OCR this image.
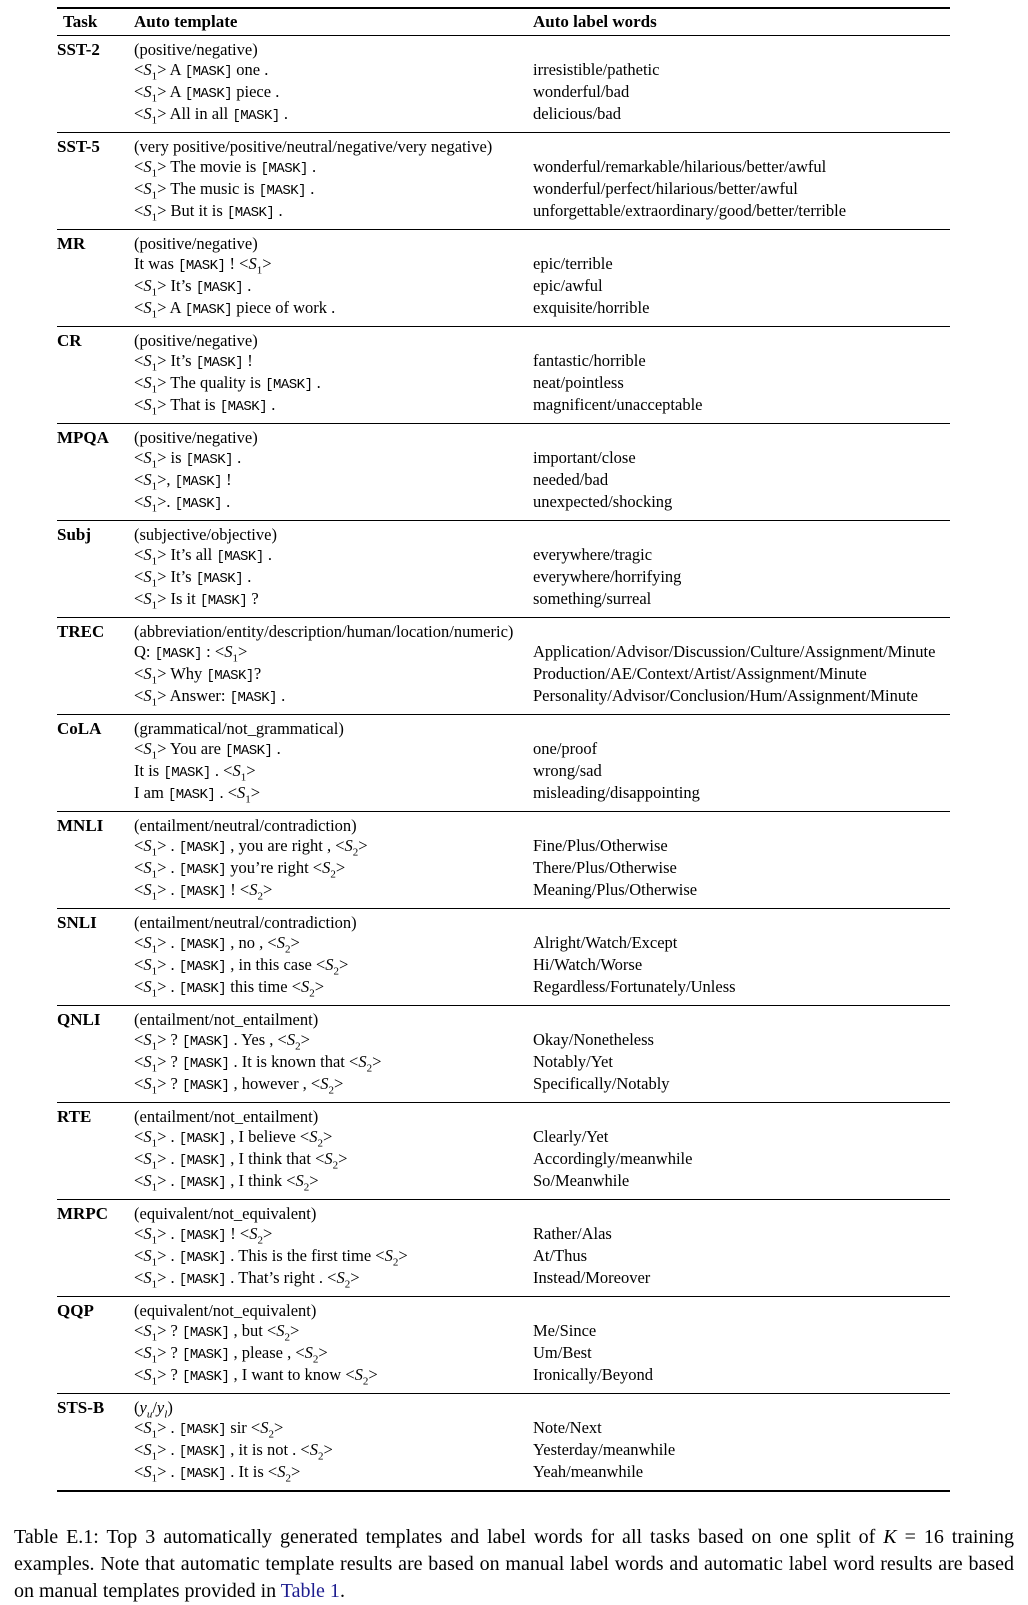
Task	Auto template	Auto label words
SST-2	(positive/negative)	
	$<S_1> A$ [MASK] one .	irresistible/pathetic
	$<S_1> A$ [MASK] piece .	wonderful/bad
	$<S_1>$ All in all [MASK] .	delicious/bad
SST-5	(very positive/positive/neutral/negative/very negative)	
	$<S_1>$ The movie is [MASK] .	wonderful/remarkable/hilarious/better/awful
	$<S_1>$ The music is [MASK] .	wonderful/perfect/hilarious/better/awful
	$<S_1>$ But it is [MASK] .	unforgettable/extraordinary/good/better/terrible
MR	(positive/negative)	
	It was [MASK] ! $<S_1>$	epic/terrible
	$<S_1>$ It’s [MASK] .	epic/awful
	$<S_1> A$ [MASK] piece of work .	exquisite/horrible
CR	(positive/negative)	
	$<S_1>$ It’s [MASK] !	fantastic/horrible
	$<S_1>$ The quality is [MASK] .	neat/pointless
	$<S_1>$ That is [MASK] .	magnificent/unacceptable
MPQA	(positive/negative)	
	$<S_1>$ is [MASK] .	important/close
	$<S_1>$, [MASK] !	needed/bad
	$<S_1>$. [MASK] .	unexpected/shocking
Subj	(subjective/objective)	
	$<S_1>$ It’s all [MASK] .	everywhere/tragic
	$<S_1>$ It’s [MASK] .	everywhere/horrifying
	$<S_1> Is$ it [MASK] ?	something/surreal
TREC	(abbreviation/entity/description/human/location/numeric)	
	Q: [MASK] : $<S_1>$	Application/Advisor/Discussion/Culture/Assignment/Minute
	$<S_1>$ Why [MASK]?	Production/AE/Context/Artist/Assignment/Minute
	$<S_1>$ Answer: [MASK] .	Personality/Advisor/Conclusion/Hum/Assignment/Minute
CoLA	(grammatical/not_grammatical)	
	$<S_1>$ You are [MASK] .	one/proof
	It is [MASK] . $<S_1>$	wrong/sad
	I am [MASK] . $<S_1>$	misleading/disappointing
MNLI	(entailment/neutral/contradiction)	
	$<S_1>$ . [MASK] , you are right , $<S_2>$	Fine/Plus/Otherwise
	$<S_1>$ . [MASK] you’re right $<S_2>$	There/Plus/Otherwise
	$<S_1>$ . [MASK] ! $<S_2>$	Meaning/Plus/Otherwise
SNLI	(entailment/neutral/contradiction)	
	$<S_1>$ . [MASK] , no , $<S_2>$	Alright/Watch/Except
	$<S_1>$ . [MASK] , in this case $<S_2>$	Hi/Watch/Worse
	$<S_1>$ . [MASK] this time $<S_2>$	Regardless/Fortunately/Unless
QNLI	(entailment/not_entailment)	
	$<S_1>$ ? [MASK] . Yes , $<S_2>$	Okay/Nonetheless
	$<S_1>$ ? [MASK] . It is known that $<S_2>$	Notably/Yet
	$<S_1>$ ? [MASK] , however , $<S_2>$	Specifically/Notably
RTE	(entailment/not_entailment)	
	$<S_1>$ . [MASK] , I believe $<S_2>$	Clearly/Yet
	$<S_1>$ . [MASK] , I think that $<S_2>$	Accordingly/meanwhile
	$<S_1>$ . [MASK] , I think $<S_2>$	So/Meanwhile
MRPC	(equivalent/not_equivalent)	
	$<S_1>$ . [MASK] ! $<S_2>$	Rather/Alas
	$<S_1>$ . [MASK] . This is the first time $<S_2>$	At/Thus
	$<S_1>$ . [MASK] . That’s right . $<S_2>$	Instead/Moreover
QQP	(equivalent/not_equivalent)	
	$<S_1>$ ? [MASK] , but $<S_2>$	Me/Since
	$<S_1>$ ? [MASK] , please , $<S_2>$	Um/Best
	$<S_1>$ ? [MASK] , I want to know $<S_2>$	Ironically/Beyond
STS-B	$(y_u/y_l)$	
	$<S_1>$ . [MASK] sir $<S_2>$	Note/Next
	$<S_1>$ . [MASK] , it is not . $<S_2>$	Yesterday/meanwhile
	$<S_1>$ . [MASK] . It is $<S_2>$	Yeah/meanwhile

Table E.1: Top 3 automatically generated templates and label words for all tasks based on one split of K = 16 training examples. Note that automatic template results are based on manual label words and automatic label word results are based on manual templates provided in Table 1.
